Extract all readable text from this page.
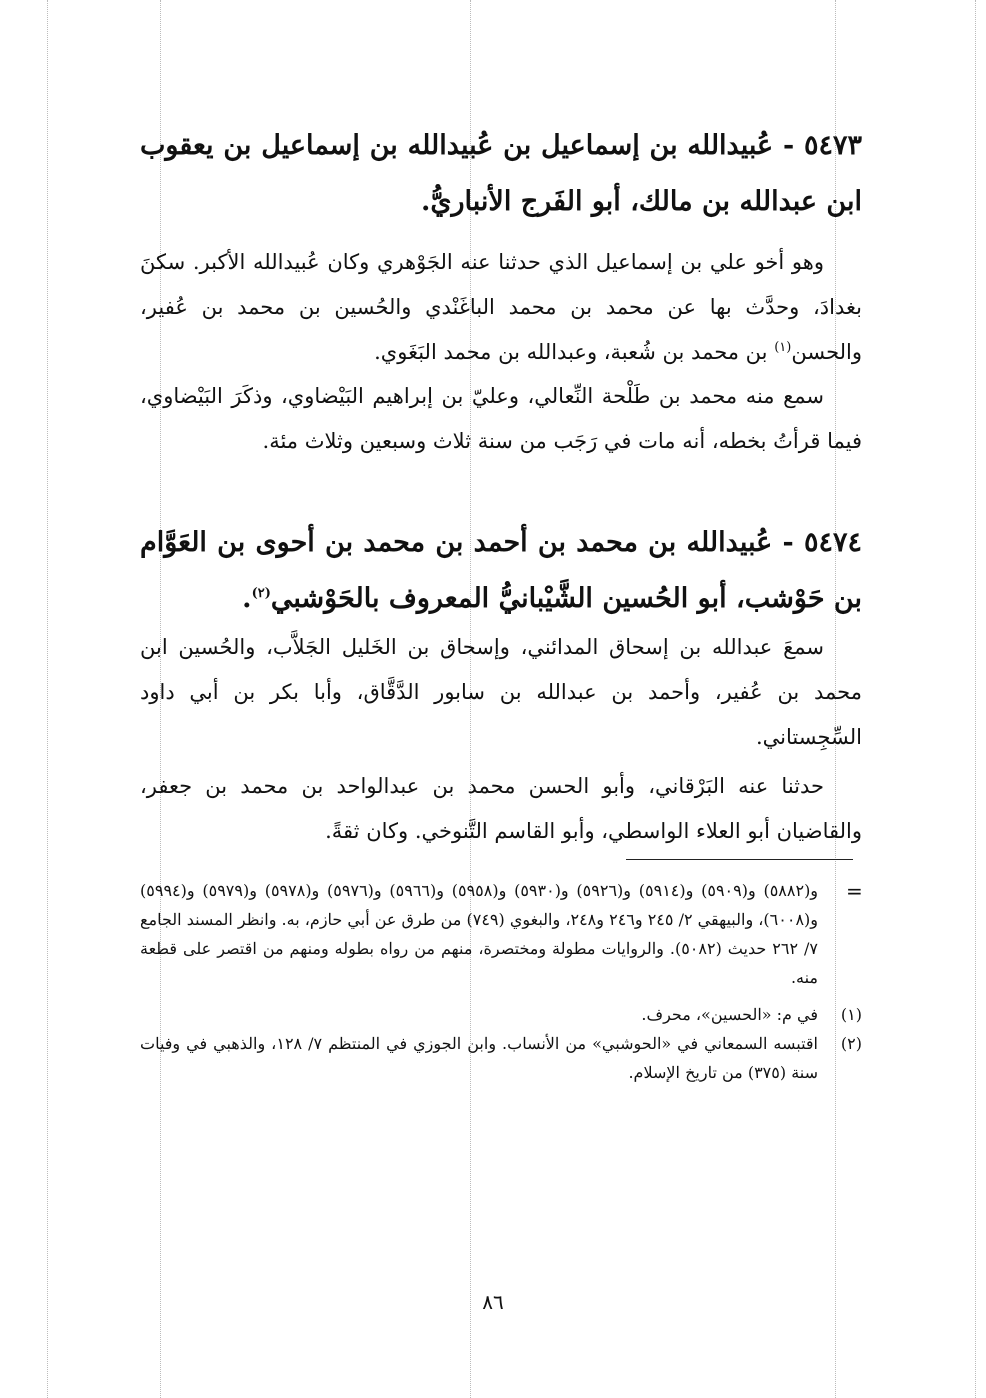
٥٤٧٣ - عُبيدالله بن إسماعيل بن عُبيدالله بن إسماعيل بن يعقوب ابن عبدالله بن مالك، أبو الفَرج الأنباريُّ.
وهو أخو علي بن إسماعيل الذي حدثنا عنه الجَوْهري وكان عُبيدالله الأكبر. سكنَ بغدادَ، وحدَّث بها عن محمد بن محمد الباغَنْدي والحُسين بن محمد بن عُفير، والحسن$^{(١)}$ بن محمد بن شُعبة، وعبدالله بن محمد البَغَوي.
سمع منه محمد بن طَلْحة النِّعالي، وعليّ بن إبراهيم البَيْضاوي، وذكَرَ البَيْضاوي، فيما قرأتُ بخطه، أنه مات في رَجَب من سنة ثلاث وسبعين وثلاث مئة.
٥٤٧٤ - عُبيدالله بن محمد بن أحمد بن محمد بن أحوى بن العَوَّام بن حَوْشب، أبو الحُسين الشَّيْبانيُّ المعروف بالحَوْشبي$^{(٢)}$.
سمعَ عبدالله بن إسحاق المدائني، وإسحاق بن الخَليل الجَلاَّب، والحُسين ابن محمد بن عُفير، وأحمد بن عبدالله بن سابور الدَّقَّاق، وأبا بكر بن أبي داود السِّجِستاني.
حدثنا عنه البَرْقاني، وأبو الحسن محمد بن عبدالواحد بن محمد بن جعفر، والقاضيان أبو العلاء الواسطي، وأبو القاسم التَّنوخي. وكان ثقةً.
=
و(٥٨٨٢) و(٥٩٠٩) و(٥٩١٤) و(٥٩٢٦) و(٥٩٣٠) و(٥٩٥٨) و(٥٩٦٦) و(٥٩٧٦) و(٥٩٧٨) و(٥٩٧٩) و(٥٩٩٤) و(٦٠٠٨)، والبيهقي ٢/ ٢٤٥ و٢٤٦ و٢٤٨، والبغوي (٧٤٩) من طرق عن أبي حازم، به. وانظر المسند الجامع ٧/ ٢٦٢ حديث (٥٠٨٢). والروايات مطولة ومختصرة، منهم من رواه بطوله ومنهم من اقتصر على قطعة منه.
(١)
في م: «الحسين»، محرف.
(٢)
اقتبسه السمعاني في «الحوشبي» من الأنساب. وابن الجوزي في المنتظم ٧/ ١٢٨، والذهبي في وفيات سنة (٣٧٥) من تاريخ الإسلام.
٨٦
